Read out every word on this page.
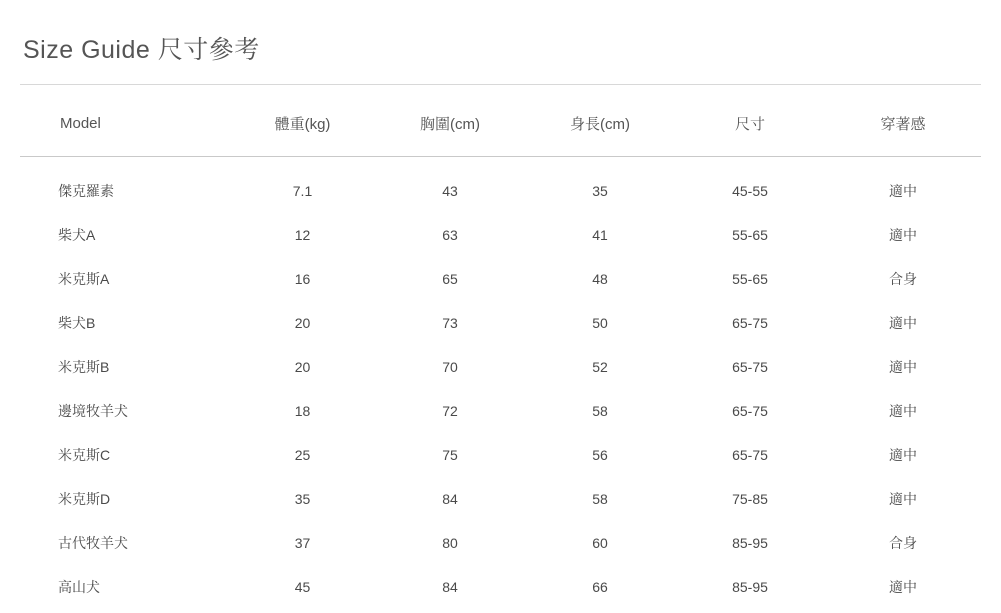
Size Guide 尺寸參考
Model	體重(kg)	胸圍(cm)	身長(cm)	尺寸	穿著感
傑克羅素	7.1	43	35	45-55	適中
柴犬A	12	63	41	55-65	適中
米克斯A	16	65	48	55-65	合身
柴犬B	20	73	50	65-75	適中
米克斯B	20	70	52	65-75	適中
邊境牧羊犬	18	72	58	65-75	適中
米克斯C	25	75	56	65-75	適中
米克斯D	35	84	58	75-85	適中
古代牧羊犬	37	80	60	85-95	合身
高山犬	45	84	66	85-95	適中
